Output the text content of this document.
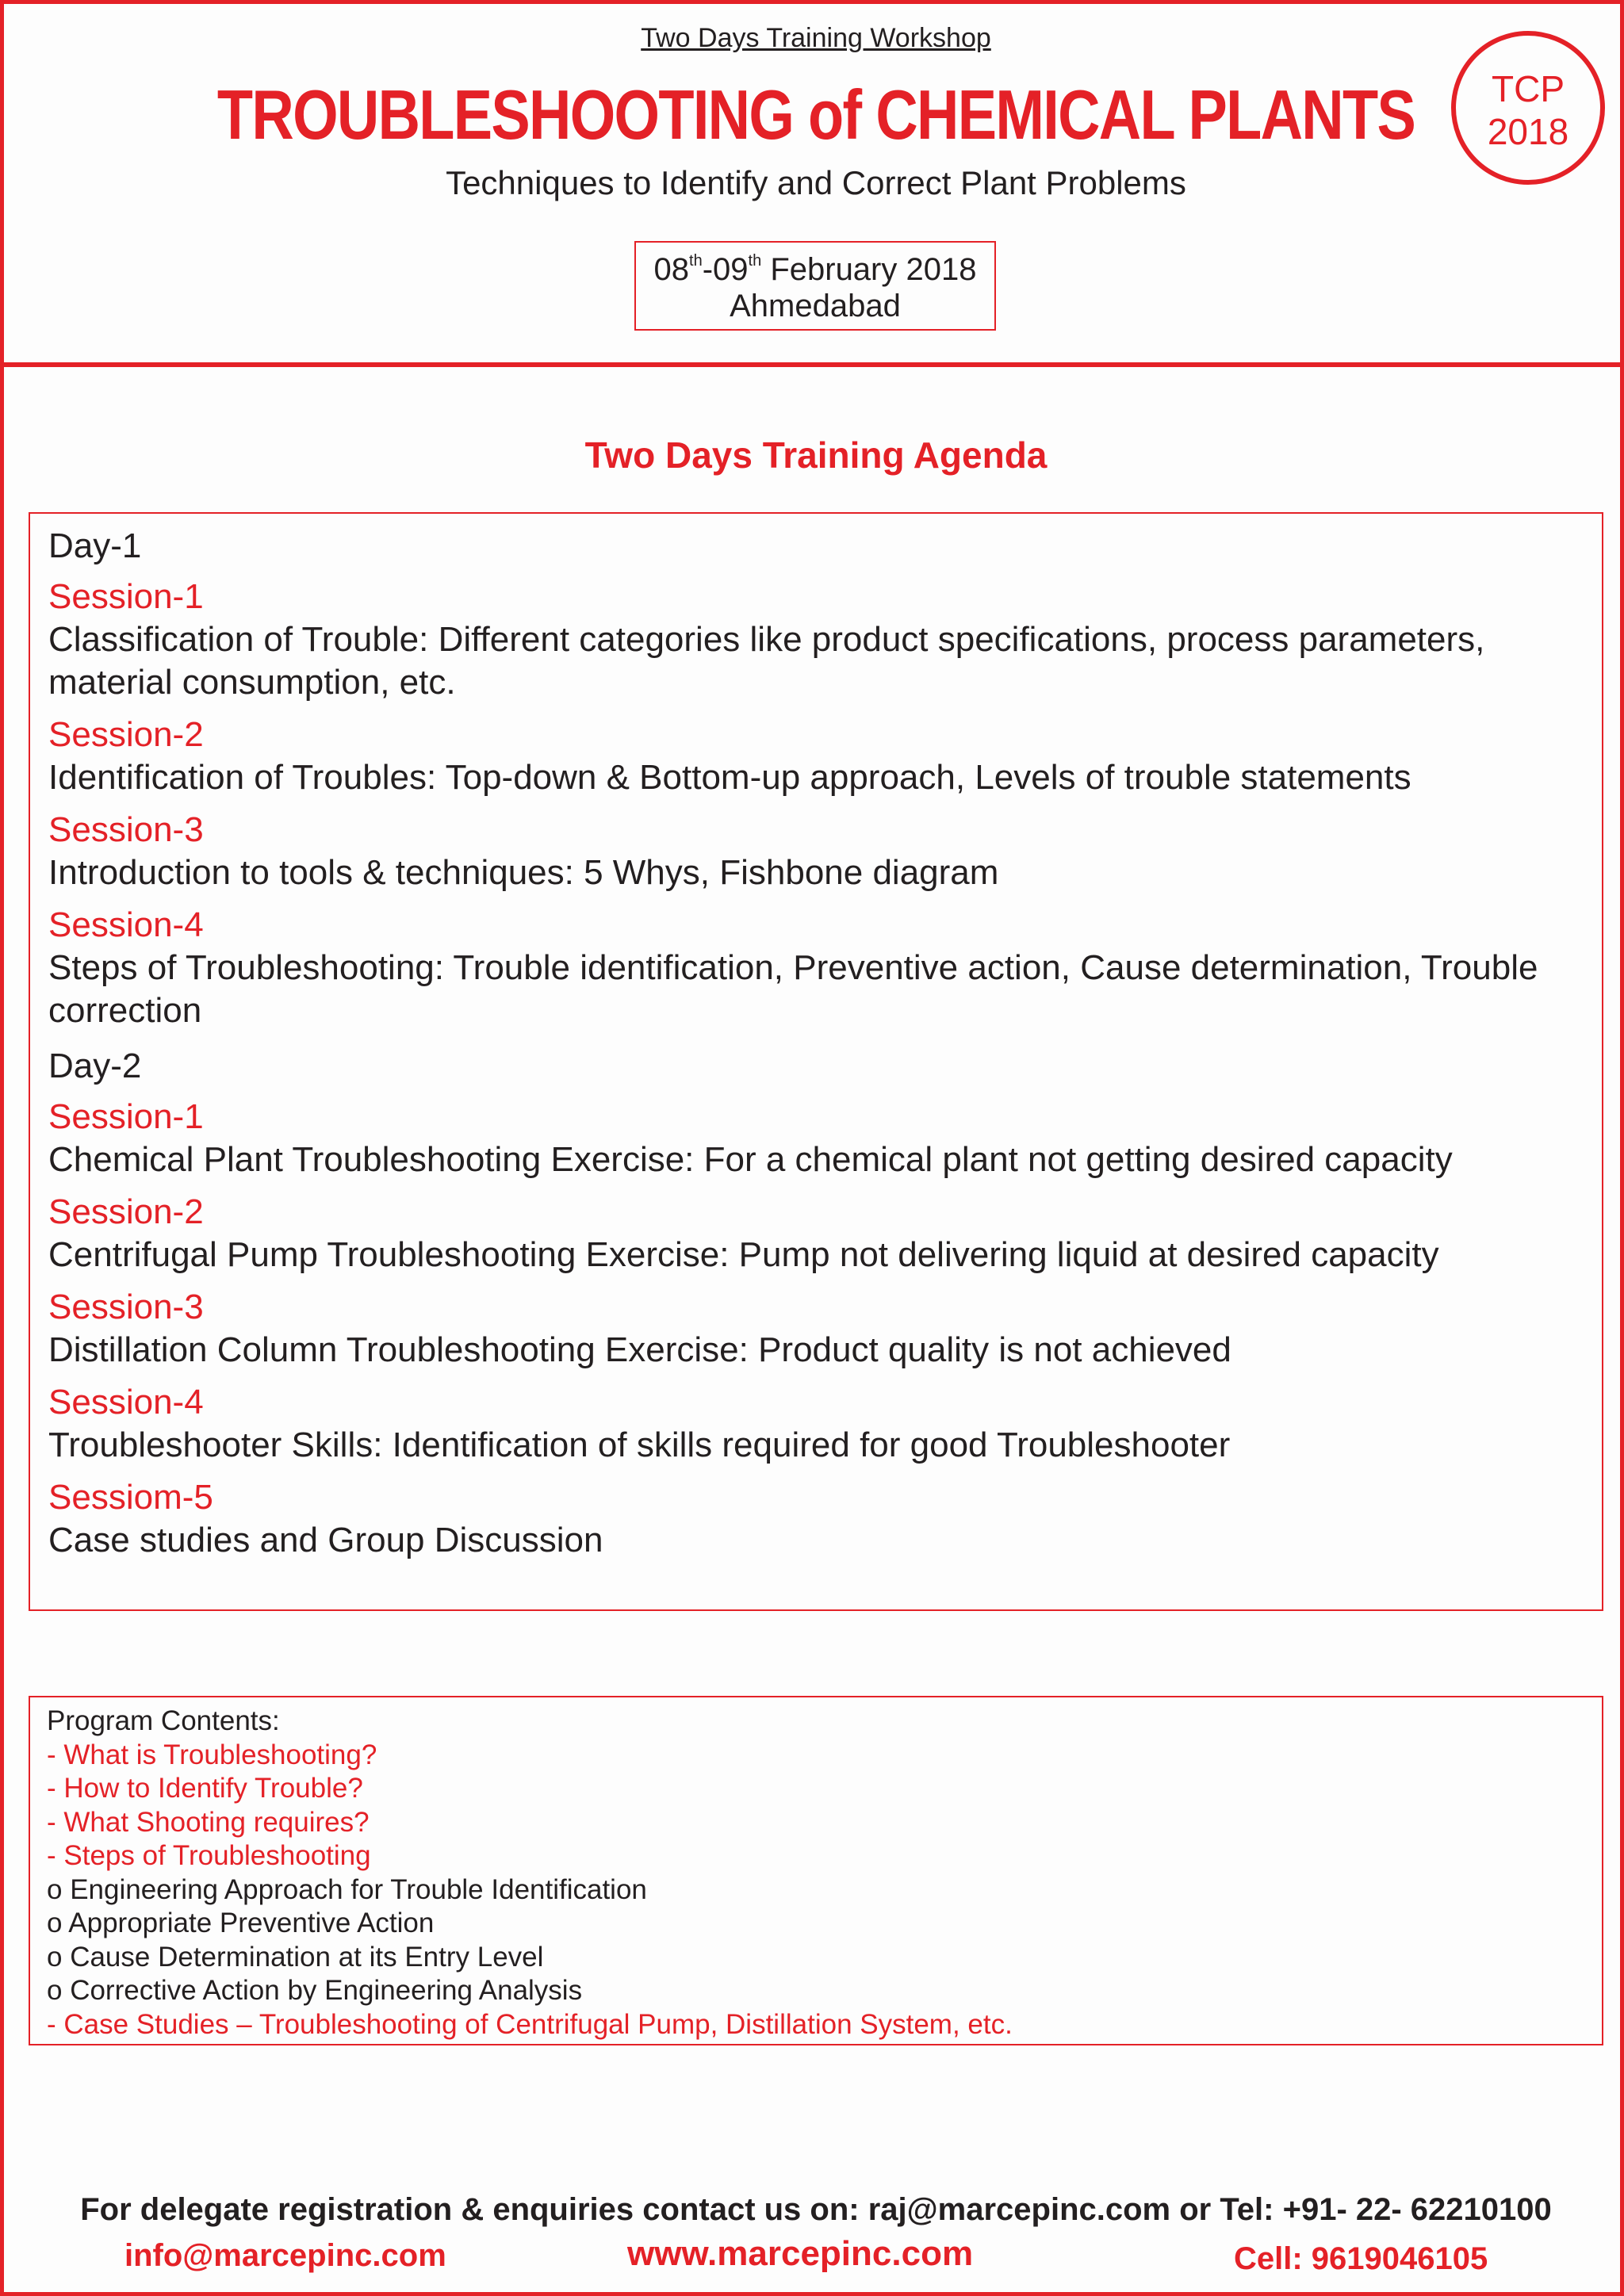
Two Days Training Workshop
TROUBLESHOOTING of CHEMICAL PLANTS
Techniques to Identify and Correct Plant Problems
08th-09th February 2018
Ahmedabad
TCP
2018
Two Days Training Agenda
Day-1
Session-1
Classification of Trouble: Different categories like product specifications, process parameters, material consumption, etc.
Session-2
Identification of Troubles: Top-down & Bottom-up approach, Levels of trouble statements
Session-3
Introduction to tools & techniques: 5 Whys, Fishbone diagram
Session-4
Steps of Troubleshooting: Trouble identification, Preventive action, Cause determination, Trouble correction
Day-2
Session-1
Chemical Plant Troubleshooting Exercise: For a chemical plant not getting desired capacity
Session-2
Centrifugal Pump Troubleshooting Exercise: Pump not delivering liquid at desired capacity
Session-3
Distillation Column Troubleshooting Exercise: Product quality is not achieved
Session-4
Troubleshooter Skills: Identification of skills required for good Troubleshooter
Sessiom-5
Case studies and Group Discussion
Program Contents:
- What is Troubleshooting?
- How to Identify Trouble?
- What Shooting requires?
- Steps of Troubleshooting
o Engineering Approach for Trouble Identification
o Appropriate Preventive Action
o Cause Determination at its Entry Level
o Corrective Action by Engineering Analysis
- Case Studies – Troubleshooting of Centrifugal Pump, Distillation System, etc.
For delegate registration & enquiries contact us on: raj@marcepinc.com or Tel: +91- 22- 62210100
info@marcepinc.com	www.marcepinc.com	Cell: 9619046105
